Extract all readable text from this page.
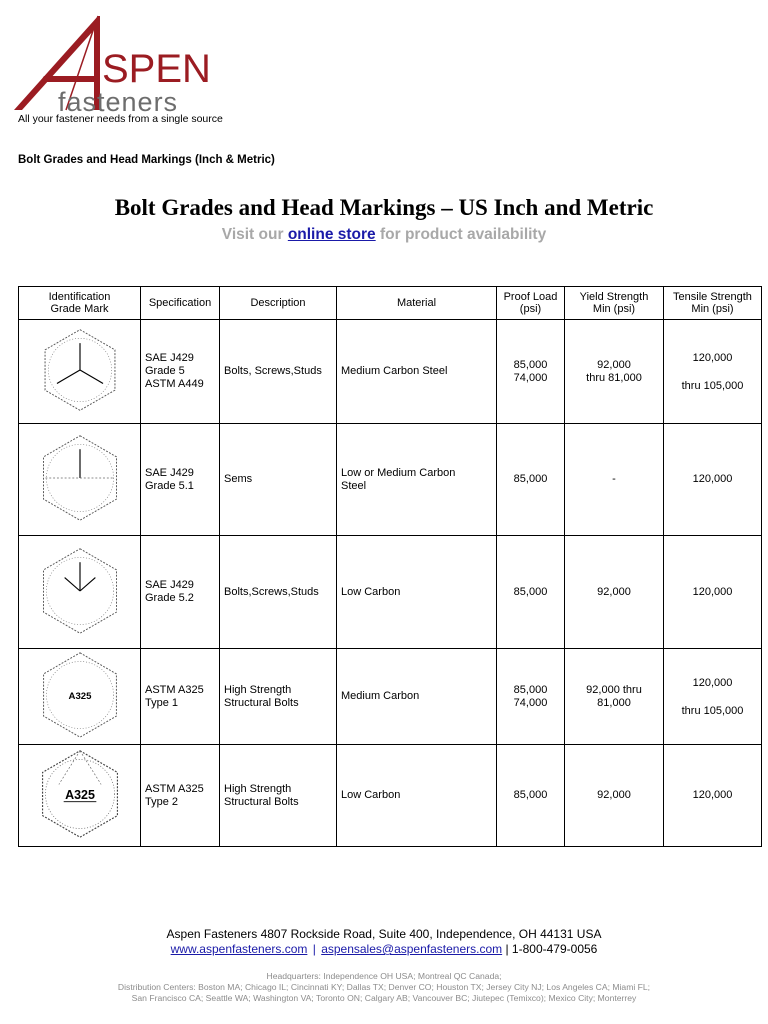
SPEN
fasteners
All your fastener needs from a single source
Bolt Grades and Head Markings (Inch & Metric)
Bolt Grades and Head Markings – US Inch and Metric
Visit our online store for product availability
Identification
Grade Mark	Specification	Description	Material	Proof Load
(psi)	Yield Strength
Min (psi)	Tensile Strength
Min (psi)
	SAE J429
Grade 5
ASTM A449	Bolts, Screws,Studs	Medium Carbon Steel	85,000
74,000	92,000
thru 81,000	120,000

thru 105,000
	SAE J429
Grade 5.1	Sems	Low or Medium Carbon
Steel	85,000	-	120,000
	SAE J429
Grade 5.2	Bolts,Screws,Studs	Low Carbon	85,000	92,000	120,000

A325	ASTM A325
Type 1	High Strength
Structural Bolts	Medium Carbon	85,000
74,000	92,000 thru
81,000	120,000

thru 105,000

A325	ASTM A325
Type 2	High Strength
Structural Bolts	Low Carbon	85,000	92,000	120,000
Aspen Fasteners 4807 Rockside Road, Suite 400, Independence, OH 44131 USA
www.aspenfasteners.com | aspensales@aspenfasteners.com | 1-800-479-0056
Headquarters: Independence OH USA; Montreal QC Canada;
Distribution Centers: Boston MA; Chicago IL; Cincinnati KY; Dallas TX; Denver CO; Houston TX; Jersey City NJ; Los Angeles CA; Miami FL;
San Francisco CA; Seattle WA; Washington VA; Toronto ON; Calgary AB; Vancouver BC; Jiutepec (Temixco); Mexico City; Monterrey
